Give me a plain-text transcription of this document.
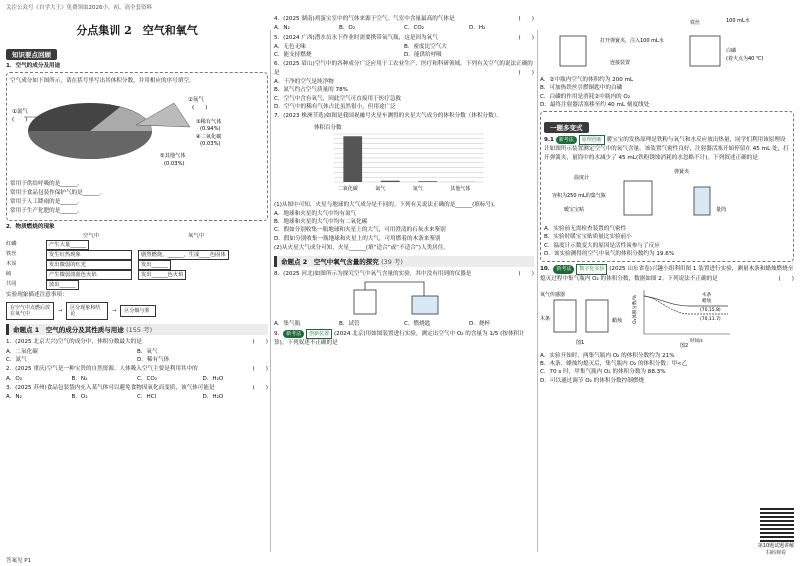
关注公众号《自学大王》免费领取2026小、初、高全套资料
分点集训 2　空气和氧气
知识要点回顾

1．空气的成分及用途

空气成分如下图所示，请在括号里写出其体积分数，并用相应的序号填空。

①氮气
(　　)
②氧气
(　　)
③稀有气体
(0.94%)
④二氧化碳
(0.03%)
⑤其他气体
(0.03%)

常用于供给呼吸的是______。

常用于食品包装作保护气的是______。

常用于人工降雨的是______。

常用于生产化肥的是______。

2．物质燃烧的现象

空气中	氧气中
红磷	产生大量______
铁丝	发生红热现象	剧烈燃烧，______，生成____色固体
木炭	发出微弱的红光	发出______
硫	产生微弱淡蓝色火焰	发出______色火焰
共同	放出______

实验现象描述注意事项：

在空气中点燃后放在氧气中	→	区分现象和结论	→	区分烟与雾
命题点 1　 空气的成分及其性质与用途 (155 考)

1．(2025 北京大兴)空气的成分中，体积分数最大的是	(　　)

A．二氧化碳	B．氧气
C．氮气	D．稀有气体

2．(2025 重庆)空气是一种宝贵的自然资源。人体吸入空气主要是利用其中的	(　　)

A．O₂	B．N₂	C．CO₂	D．H₂O

3．(2025 苏州)食品包装袋内充入某气体可以避免食物因氧化而变质，该气体可能是	(　　)

A．N₂	B．O₂	C．HCl	D．H₂O

4．(2025 湖南)鸡蛋宝室中的气体来源于空气。气室中含量最高的气体是	(　　)

A．N₂	B．O₂	C．CO₂	D．H₂

5．(2024 广西)潜水员水下作业时需要携带氧气瓶，这是因为氧气	(　　)

A．无色无味	B．密度比空气大
C．能支持燃烧	D．能供给呼吸

6．(2025 眉山)空气中的各种成分广泛应用于工农业生产、医疗和科研领域。下列有关空气的说法正确的是	(　　)

A．干净的空气是纯净物
B．氮气约占空气质量的 78%
C．空气中含有氧气，因此空气可直接用于医疗急救
D．空气中的稀有气体占比虽然很小，但用途广泛

7．(2023 株洲节选)如图是我国祝融号火星车测得的火星大气成分的体积分数（体积分数）。

体积百分数
二氧化碳	氮气	氩气	其他气体

(1)从图中可知，火星与地球的大气成分是不同的。下列有关说法正确的是______(填标号)。

A．地球和火星的大气中均有氮气
B．地球和火星的大气中均有二氧化碳
C．假如分别收集一瓶地球和火星上的大气，可用澄清的石灰水来鉴别
D．假如分别收集一瓶地球和火星上的大气，可用燃着的木条来鉴别

(2)从火星大气成分可知，火星______(填“适合”或“不适合”)人类居住。

命题点 2　 空气中氧气含量的探究 (39 考)

8．(2025 河北)如图所示为探究空气中氧气含量的实验，其中没有用到的仪器是	(　　)

A．集气瓶	B．试管	C．燃烧匙	D．烧杯

9． 新考法 创新装置 (2024 北京)用如图装置进行实验，测定出空气中 O₂ 的含量为 1/5 (按体积计算)。下列叙述不正确的是

打开弹簧夹，注入100 mL水
连接装置
铁丝	100 mL水
白磷
(着火点为40 ℃)
A．②中瓶内空气的体积约为 200 mL
B．可加热铁丝引燃铜匙中的白磷
C．白磷的作用是消耗②中瓶内的 O₂
D．最终注射器活塞移至约 40 mL 刻度线处
一题多变式

9.1 新考法 原理创新 暖宝宝的发热原理是铁粉与氧气和水反应放出热量，同学们利用该原理设计如图所示装置测定空气中的氧气含量，该装置气密性良好，注射器活塞开始停留在 45 mL 处，打开弹簧夹，量筒中的水减少了 45 mL(铁粉锈蚀消耗的水忽略不计)。下列叙述正确的是

温度计
弹簧夹
容积为250 mL的集气瓶
暖宝宝贴	量筒
A．实验前无需检查装置的气密性
B．实验时暖宝宝贴质量比实验前小
C．温度计示数变大的原因是活性炭参与了反应
D．该实验测得的空气中氧气的体积分数约为 19.6%

10． 新考法 数字化实验 (2025 山东省卷)兴趣小组利用图 1 装置进行实验，测量木条和蜡烛燃烧至熄灭过程中集气瓶内 O₂ 的体积分数，数据如图 2。下列说法不正确的是	(　　)

氧气传感器
木条	蜡烛
图1
O₂体积分数/%	木条
蜡烛
(70,15.8)
(70,11.7)
时间/s
图2
A．实验开始时，两集气瓶内 O₂ 的体积分数约为 21%
B．木条、蜡烛均熄灭后，集气瓶内 O₂ 的体积分数：甲<乙
C．70 s 时，甲集气瓶内 O₂ 的体积分数为 88.3%
D．可以通过调节 O₂ 的体积分数控制燃烧
第10题试题讲解 扫码观看
答案见 P1
